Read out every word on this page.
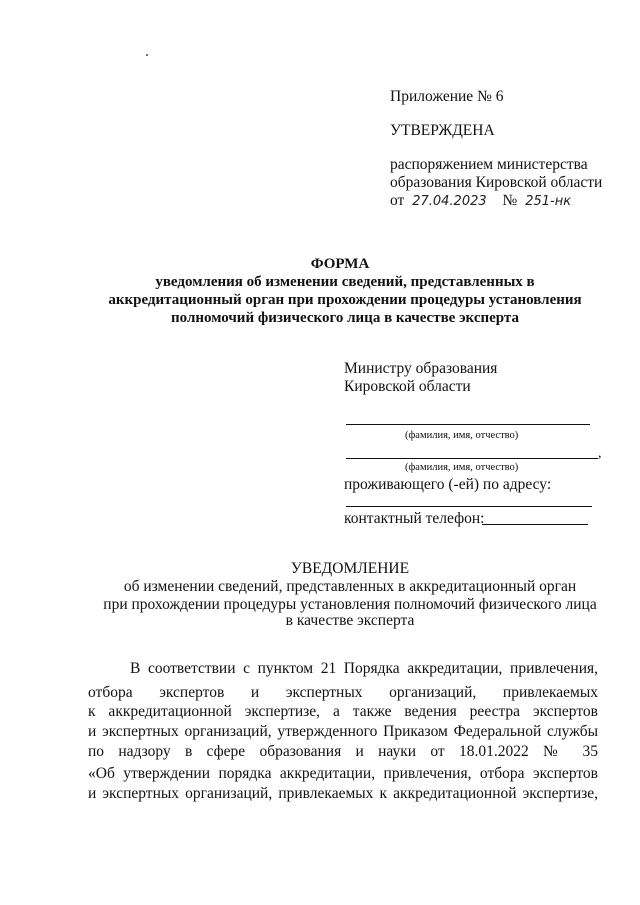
Приложение № 6
УТВЕРЖДЕНА
распоряжением министерства
образования Кировской области
от 27.04.2023 № 251-нк
ФОРМА
уведомления об изменении сведений, представленных в
аккредитационный орган при прохождении процедуры установления
полномочий физического лица в качестве эксперта
Министру образования
Кировской области
(фамилия, имя, отчество)
,
(фамилия, имя, отчество)
проживающего (-ей) по адресу:
контактный телефон:
УВЕДОМЛЕНИЕ
об изменении сведений, представленных в аккредитационный орган
при прохождении процедуры установления полномочий физического лица
в качестве эксперта
В соответствии с пунктом 21 Порядка аккредитации, привлечения,
отбора экспертов и экспертных организаций, привлекаемых
к аккредитационной экспертизе, а также ведения реестра экспертов
и экспертных организаций, утвержденного Приказом Федеральной службы
по надзору в сфере образования и науки от 18.01.2022 № 35
«Об утверждении порядка аккредитации, привлечения, отбора экспертов
и экспертных организаций, привлекаемых к аккредитационной экспертизе,
